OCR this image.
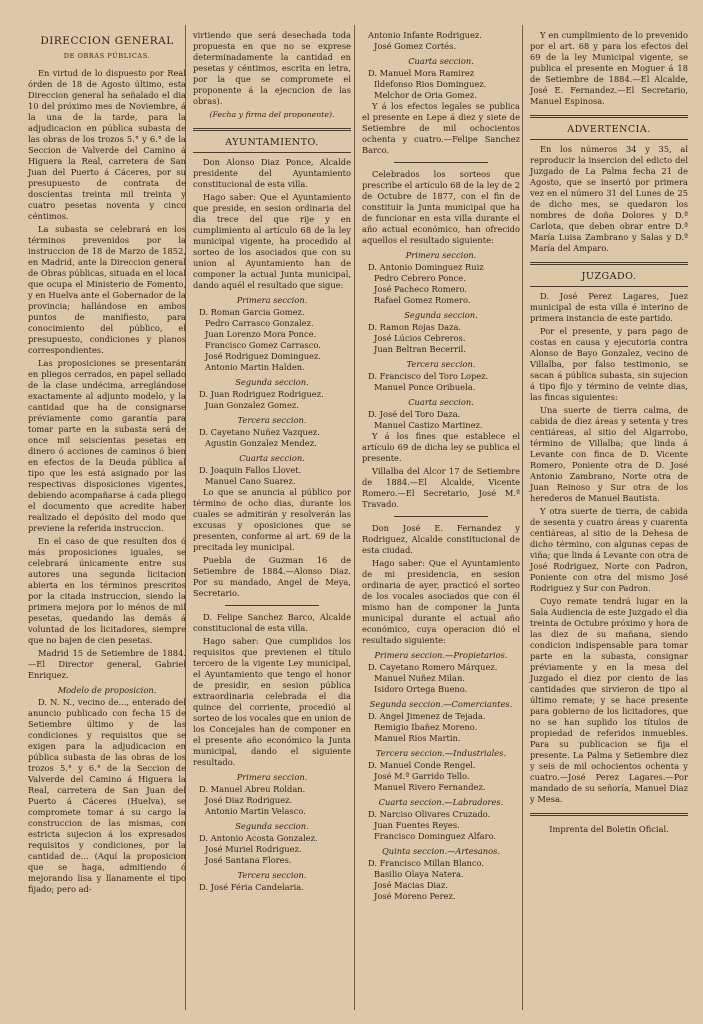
DIRECCION GENERAL
DE OBRAS PÚBLICAS.

En virtud de lo dispuesto por Real órden de 18 de Agosto último, esta Direccion general ha señalado el dia 10 del próximo mes de Noviembre, á la una de la tarde, para la adjudicacion en pública subasta de las obras de los trozos 5.° y 6.° de la Seccion de Valverde del Camino á Higuera la Real, carretera de San Juan del Puerto á Cáceres, por su presupuesto de contrata de doscientas treinta mil treinta y cuatro pesetas noventa y cinco céntimos.

La subasta se celebrará en los términos prevenidos por la instruccion de 18 de Marzo de 1852, en Madrid, ante la Direccion general de Obras públicas, situada en el local que ocupa el Ministerio de Fomento, y en Huelva ante el Gobernador de la provincia; hallándose en ambos puntos de manifiesto, para conocimiento del público, el presupuesto, condiciones y planos correspondientes.

Las proposiciones se presentarán en pliegos cerrados, en papel sellado de la clase undécima, arreglándose exactamente al adjunto modelo, y la cantidad que ha de consignarse préviamente como garantía para tomar parte en la subasta será de once mil seiscientas pesetas en dinero ó acciones de caminos ó bien en efectos de la Deuda pública al tipo que les está asignado por las respectivas disposiciones vigentes, debiendo acompañarse á cada pliego el documento que acredite haber realizado el depósito del modo que previene la referida instruccion.

En el caso de que resulten dos ó más proposiciones iguales, se celebrará únicamente entre sus autores una segunda licitacion abierta en los términos prescritos por la citada instruccion, siendo la primera mejora por lo ménos de mil pesetas, quedando las demás á voluntad de los licitadores, siempre que no bajen de cien pesetas.

Madrid 15 de Setiembre de 1884.—El Director general, Gabriel Enriquez.

Modelo de proposicion.

D. N. N., vecino de..., enterado del anuncio publicado con fecha 15 de Setiembre último y de las condiciones y requisitos que se exigen para la adjudicacion en pública subasta de las obras de los trozos 5.° y 6.° de la Seccion de Valverde del Camino á Higuera la Real, carretera de San Juan del Puerto á Cáceres (Huelva), se compromete tomar á su cargo la construccion de las mismas, con estricta sujecion á los expresados requisitos y condiciones, por la cantidad de... (Aquí la proposicion que se haga, admitiendo ó mejorando lisa y llanamente el tipo fijado; pero ad-

virtiendo que será desechada toda propuesta en que no se exprese determinadamente la cantidad en pesetas y céntimos, escrita en letra, por la que se compromete el proponente á la ejecucion de las obras).

(Fecha y firma del proponente).
AYUNTAMIENTO.

Don Alonso Diaz Ponce, Alcalde presidente del Ayuntamiento constitucional de esta villa.

Hago saber: Que el Ayuntamiento que preside, en sesion ordinaria del dia trece del que rije y en cumplimiento al artículo 68 de la ley municipal vigente, ha procedido al sorteo de los asociados que con su union al Ayuntamiento han de componer la actual Junta municipal, dando aquél el resultado que sigue:

Primera seccion.
D. Roman Garcia Gomez.
Pedro Carrasco Gonzalez.
Juan Lorenzo Mora Ponce.
Francisco Gomez Carrasco.
José Rodriguez Dominguez.
Antonio Martin Halden.
Segunda seccion.
D. Juan Rodriguez Rodriguez.
Juan Gonzalez Gomez.
Tercera seccion.
D. Cayetano Nuñez Vazquez.
Agustin Gonzalez Mendez.
Cuarta seccion.
D. Joaquin Fallos Llovet.
Manuel Cano Suarez.

Lo que se anuncia al público por término de ocho dias, durante los cuales se admitirán y resolverán las excusas y oposiciones que se presenten, conforme al art. 69 de la precitada ley municipal.

Puebla de Guzman 16 de Setiembre de 1884.—Alonso Diaz. Por su mandado, Angel de Meya, Secretario.

D. Felipe Sanchez Barco, Alcalde constitucional de esta villa.

Hago saber: Que cumplidos los requisitos que previenen el título tercero de la vigente Ley municipal, el Ayuntamiento que tengo el honor de presidir, en sesion pública extraordinaria celebrada el dia quince del corriente, procedió al sorteo de los vocales que en union de los Concejales han de componer en el presente año económico la Junta municipal, dando el siguiente resultado.

Primera seccion.
D. Manuel Abreu Roldan.
José Diaz Rodriguez.
Antonio Martin Velasco.
Segunda seccion.
D. Antonio Acosta Gonzalez.
José Muriel Rodriguez.
José Santana Flores.
Tercera seccion.
D. José Féria Candelaria.
Antonio Infante Rodriguez.
José Gomez Cortés.
Cuarta seccion.
D. Manuel Mora Ramirez
Ildefonso Rios Dominguez.
Melchor de Oria Gomez.

Y á los efectos legales se publica el presente en Lepe á diez y siete de Setiembre de mil ochocientos ochenta y cuatro.—Felipe Sanchez Barco.

Celebrados los sorteos que prescribe el artículo 68 de la ley de 2 de Octubre de 1877, con el fin de constituir la Junta municipal que ha de funcionar en esta villa durante el año actual económico, han ofrecido aquellos el resultado siguiente:

Primera seccion.
D. Antonio Dominguez Ruiz
Pedro Cebrero Ponce.
José Pacheco Romero.
Rafael Gomez Romero.
Segunda seccion.
D. Ramon Rojas Daza.
José Lúcios Cebreros.
Juan Beltran Becerril.
Tercera seccion.
D. Francisco del Toro Lopez.
Manuel Ponce Oribuela.
Cuarta seccion.
D. José del Toro Daza.
Manuel Castizo Martinez.

Y á los fines que establece el artículo 69 de dicha ley se publica el presente.

Villalba del Alcor 17 de Setiembre de 1884.—El Alcalde, Vicente Romero.—El Secretario, José M.ª Travado.

Don José E. Fernandez y Rodriguez, Alcalde constitucional de esta ciudad.

Hago saber: Que el Ayuntamiento de mi presidencia, en sesion ordinaria de ayer, practicó el sorteo de los vocales asociados que con él mismo han de componer la Junta municipal durante el actual año económico, cuya operacion dió el resultado siguiente:

Primera seccion.—Propietarios.
D. Cayetano Romero Márquez.
Manuel Nuñez Milan.
Isidoro Ortega Bueno.
Segunda seccion.—Comerciantes.
D. Angel Jimenez de Tejada.
Remigio Ibañez Moreno.
Manuel Rios Martin.
Tercera seccion.—Industriales.
D. Manuel Conde Rengel.
José M.ª Garrido Tello.
Manuel Rivero Fernandez.
Cuarta seccion.—Labradores.
D. Narciso Olivares Cruzado.
Juan Fuentes Reyes.
Francisco Dominguez Alfaro.
Quinta seccion.—Artesanos.
D. Francisco Millan Blanco.
Basilio Olaya Natera.
José Macias Diaz.
José Moreno Perez.

Y en cumplimiento de lo prevenido por el art. 68 y para los efectos del 69 de la ley Municipal vigente, se publica el presente en Moguer á 18 de Setiembre de 1884.—El Alcalde, José E. Fernandez.—El Secretario, Manuel Espinosa.

ADVERTENCIA.

En los números 34 y 35, al reproducir la insercion del edicto del Juzgado de La Palma fecha 21 de Agosto, que se insertó por primera vez en el número 31 del Lunes de 25 de dicho mes, se quedaron los nombres de doña Dolores y D.ª Carlota, que deben obrar entre D.ª María Luisa Zambrano y Salas y D.ª María del Amparo.

JUZGADO.

D. José Perez Lagares, Juez municipal de esta villa é interino de primera instancia de este partido.

Por el presente, y para pago de costas en causa y ejecutoria contra Alonso de Bayo Gonzalez, vecino de Villalba, por falso testimonio, se sacan á pública subasta, sin sujecion á tipo fijo y término de veinte dias, las fincas siguientes:

Una suerte de tierra calma, de cabida de diez áreas y setenta y tres centiáreas, al sitio del Algarrobo, término de Villalba; que linda á Levante con finca de D. Vicente Romero, Poniente otra de D. José Antonio Zambrano, Norte otra de Juan Reinoso y Sur otra de los herederos de Manuel Bautista.

Y otra suerte de tierra, de cabida de sesenta y cuatro áreas y cuarenta centiáreas, al sitio de la Dehesa de dicho término, con algunas cepas de viña; que linda á Levante con otra de José Rodriguez, Norte con Padron, Poniente con otra del mismo José Rodriguez y Sur con Padron.

Cuyo remate tendrá lugar en la Sala Audiencia de este Juzgado el dia treinta de Octubre próximo y hora de las diez de su mañana, siendo condicion indispensable para tomar parte en la subasta, consignar préviamente y en la mesa del Juzgado el diez por ciento de las cantidades que sirvieron de tipo al último remate; y se hace presente para gobierno de los licitadores, que no se han suplido los títulos de propiedad de referidos inmuebles. Para su publicacion se fija el presente. La Palma y Setiembre diez y seis de mil ochocientos ochenta y cuatro.—José Perez Lagares.—Por mandado de su señoría, Manuel Diaz y Mesa.

Imprenta del Boletin Oficial.
